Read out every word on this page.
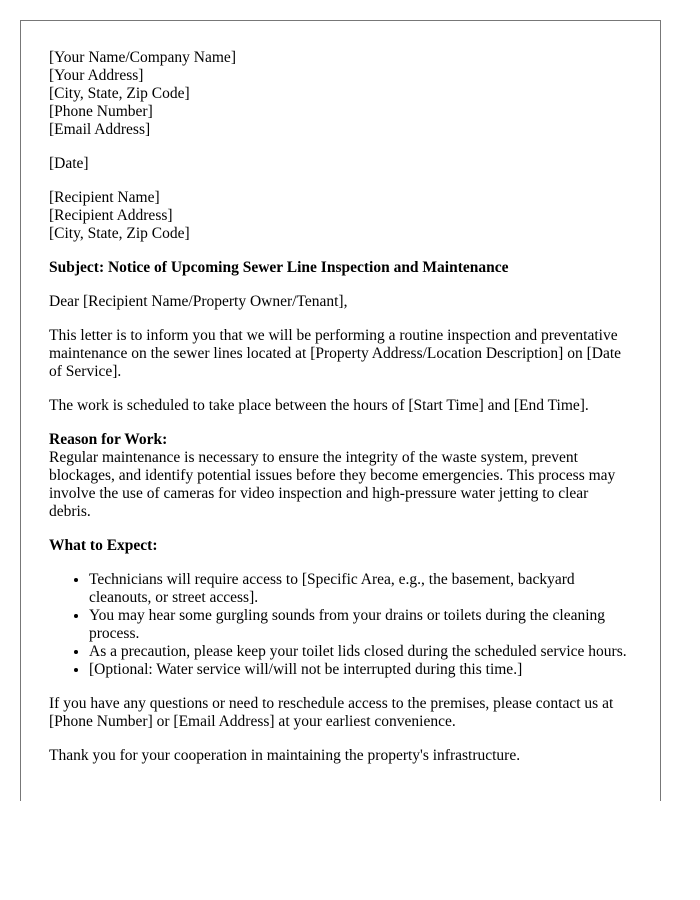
[Your Name/Company Name]
[Your Address]
[City, State, Zip Code]
[Phone Number]
[Email Address]

[Date]

[Recipient Name]
[Recipient Address]
[City, State, Zip Code]

Subject: Notice of Upcoming Sewer Line Inspection and Maintenance

Dear [Recipient Name/Property Owner/Tenant],

This letter is to inform you that we will be performing a routine inspection and preventative maintenance on the sewer lines located at [Property Address/Location Description] on [Date of Service].

The work is scheduled to take place between the hours of [Start Time] and [End Time].

Reason for Work:
Regular maintenance is necessary to ensure the integrity of the waste system, prevent blockages, and identify potential issues before they become emergencies. This process may involve the use of cameras for video inspection and high-pressure water jetting to clear debris.

What to Expect:

• Technicians will require access to [Specific Area, e.g., the basement, backyard cleanouts, or street access].
• You may hear some gurgling sounds from your drains or toilets during the cleaning process.
• As a precaution, please keep your toilet lids closed during the scheduled service hours.
• [Optional: Water service will/will not be interrupted during this time.]

If you have any questions or need to reschedule access to the premises, please contact us at [Phone Number] or [Email Address] at your earliest convenience.

Thank you for your cooperation in maintaining the property's infrastructure.
